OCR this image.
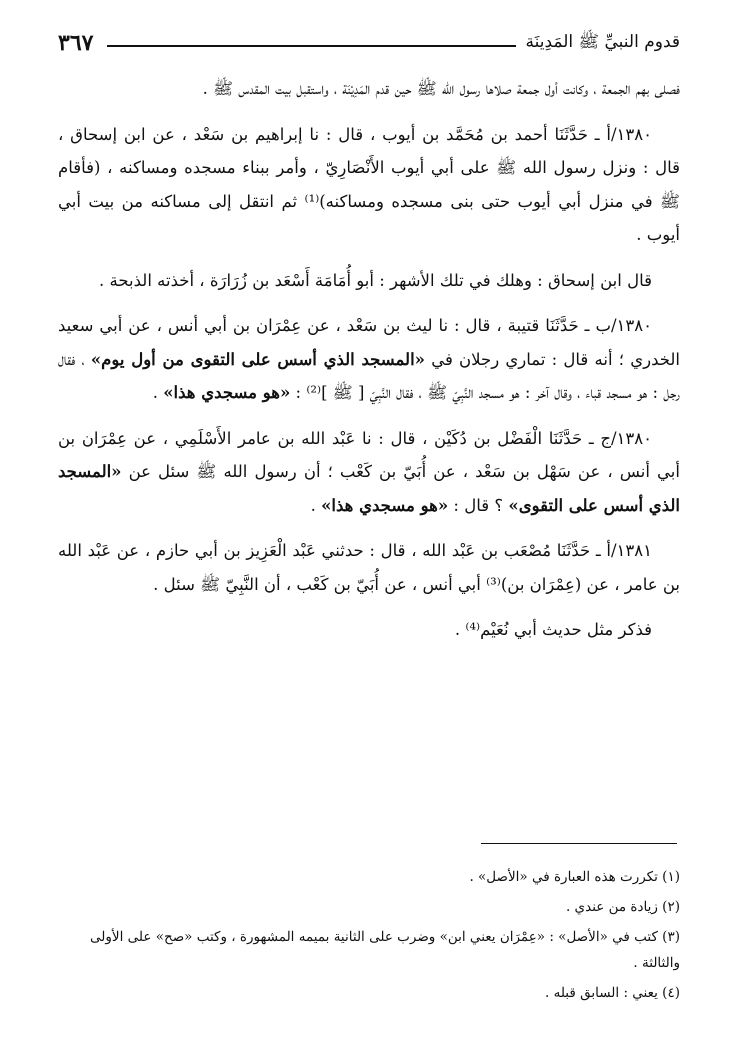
قدوم النبيِّ ﷺ المَدِينَة
٣٦٧

فصلى بهم الجمعة ، وكانت أول جمعة صلاها رسول الله ﷺ حين قدم المَدِيْنَة ، واستقبل بيت المقدس ﷺ .

١٣٨٠/أ ـ حَدَّثَنَا أحمد بن مُحَمَّد بن أيوب ، قال : نا إبراهيم بن سَعْد ، عن ابن إسحاق ، قال : ونزل رسول الله ﷺ على أبي أيوب الأَنْصَارِيّ ، وأمر ببناء مسجده ومساكنه ، (فأقام ﷺ في منزل أبي أيوب حتى بنى مسجده ومساكنه)⁽¹⁾ ثم انتقل إلى مساكنه من بيت أبي أيوب .

قال ابن إسحاق : وهلك في تلك الأشهر : أبو أُمَامَة أَسْعَد بن زُرَارَة ، أخذته الذبحة .

١٣٨٠/ب ـ حَدَّثَنَا قتيبة ، قال : نا ليث بن سَعْد ، عن عِمْرَان بن أبي أنس ، عن أبي سعيد الخدري ؛ أنه قال : تماري رجلان في «المسجد الذي أسس على التقوى من أول يوم» ، فقال رجل : هو مسجد قباء ، وقال آخر : هو مسجد النَّبِيّ ﷺ ، فقال النَّبِيّ [ ﷺ ]⁽²⁾ : «هو مسجدي هذا» .

١٣٨٠/ج ـ حَدَّثَنَا الْفَضْل بن دُكَيْن ، قال : نا عَبْد الله بن عامر الأَسْلَمِي ، عن عِمْرَان بن أبي أنس ، عن سَهْل بن سَعْد ، عن أُبَيّ بن كَعْب ؛ أن رسول الله ﷺ سئل عن «المسجد الذي أسس على التقوى» ؟ قال : «هو مسجدي هذا» .

١٣٨١/أ ـ حَدَّثَنَا مُصْعَب بن عَبْد الله ، قال : حدثني عَبْد الْعَزِيز بن أبي حازم ، عن عَبْد الله بن عامر ، عن (عِمْرَان بن)⁽³⁾ أبي أنس ، عن أُبَيّ بن كَعْب ، أن النَّبِيّ ﷺ سئل .

فذكر مثل حديث أبي نُعَيْم⁽⁴⁾ .

(١) تكررت هذه العبارة في «الأصل» .

(٢) زيادة من عندي .

(٣) كتب في «الأصل» : «عِمْرَان يعني ابن» وضرب على الثانية بميمه المشهورة ، وكتب «صح» على الأولى والثالثة .

(٤) يعني : السابق قبله .
